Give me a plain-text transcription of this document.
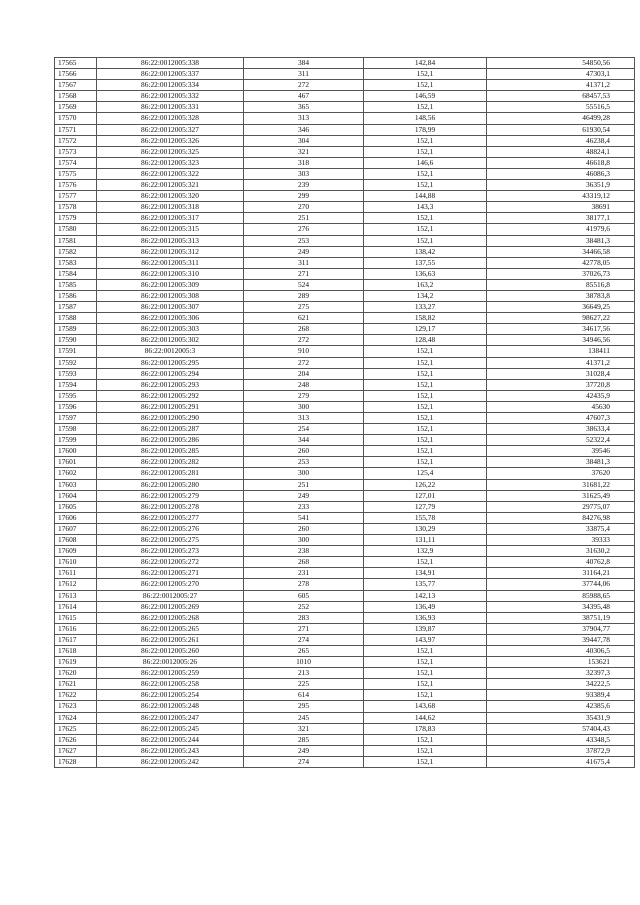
17565	86:22:0012005:338	384	142,84	54850,56
17566	86:22:0012005:337	311	152,1	47303,1
17567	86:22:0012005:334	272	152,1	41371,2
17568	86:22:0012005:332	467	146,59	68457,53
17569	86:22:0012005:331	365	152,1	55516,5
17570	86:22:0012005:328	313	148,56	46499,28
17571	86:22:0012005:327	346	178,99	61930,54
17572	86:22:0012005:326	304	152,1	46238,4
17573	86:22:0012005:325	321	152,1	48824,1
17574	86:22:0012005:323	318	146,6	46618,8
17575	86:22:0012005:322	303	152,1	46086,3
17576	86:22:0012005:321	239	152,1	36351,9
17577	86:22:0012005:320	299	144,88	43319,12
17578	86:22:0012005:318	270	143,3	38691
17579	86:22:0012005:317	251	152,1	38177,1
17580	86:22:0012005:315	276	152,1	41979,6
17581	86:22:0012005:313	253	152,1	38481,3
17582	86:22:0012005:312	249	138,42	34466,58
17583	86:22:0012005:311	311	137,55	42778,05
17584	86:22:0012005:310	271	136,63	37026,73
17585	86:22:0012005:309	524	163,2	85516,8
17586	86:22:0012005:308	289	134,2	38783,8
17587	86:22:0012005:307	275	133,27	36649,25
17588	86:22:0012005:306	621	158,82	98627,22
17589	86:22:0012005:303	268	129,17	34617,56
17590	86:22:0012005:302	272	128,48	34946,56
17591	86:22:0012005:3	910	152,1	138411
17592	86:22:0012005:295	272	152,1	41371,2
17593	86:22:0012005:294	204	152,1	31028,4
17594	86:22:0012005:293	248	152,1	37720,8
17595	86:22:0012005:292	279	152,1	42435,9
17596	86:22:0012005:291	300	152,1	45630
17597	86:22:0012005:290	313	152,1	47607,3
17598	86:22:0012005:287	254	152,1	38633,4
17599	86:22:0012005:286	344	152,1	52322,4
17600	86:22:0012005:285	260	152,1	39546
17601	86:22:0012005:282	253	152,1	38481,3
17602	86:22:0012005:281	300	125,4	37620
17603	86:22:0012005:280	251	126,22	31681,22
17604	86:22:0012005:279	249	127,01	31625,49
17605	86:22:0012005:278	233	127,79	29775,07
17606	86:22:0012005:277	541	155,78	84276,98
17607	86:22:0012005:276	260	130,29	33875,4
17608	86:22:0012005:275	300	131,11	39333
17609	86:22:0012005:273	238	132,9	31630,2
17610	86:22:0012005:272	268	152,1	40762,8
17611	86:22:0012005:271	231	134,91	31164,21
17612	86:22:0012005:270	278	135,77	37744,06
17613	86:22:0012005:27	605	142,13	85988,65
17614	86:22:0012005:269	252	136,49	34395,48
17615	86:22:0012005:268	283	136,93	38751,19
17616	86:22:0012005:265	271	139,87	37904,77
17617	86:22:0012005:261	274	143,97	39447,78
17618	86:22:0012005:260	265	152,1	40306,5
17619	86:22:0012005:26	1010	152,1	153621
17620	86:22:0012005:259	213	152,1	32397,3
17621	86:22:0012005:258	225	152,1	34222,5
17622	86:22:0012005:254	614	152,1	93389,4
17623	86:22:0012005:248	295	143,68	42385,6
17624	86:22:0012005:247	245	144,62	35431,9
17625	86:22:0012005:245	321	178,83	57404,43
17626	86:22:0012005:244	285	152,1	43348,5
17627	86:22:0012005:243	249	152,1	37872,9
17628	86:22:0012005:242	274	152,1	41675,4
